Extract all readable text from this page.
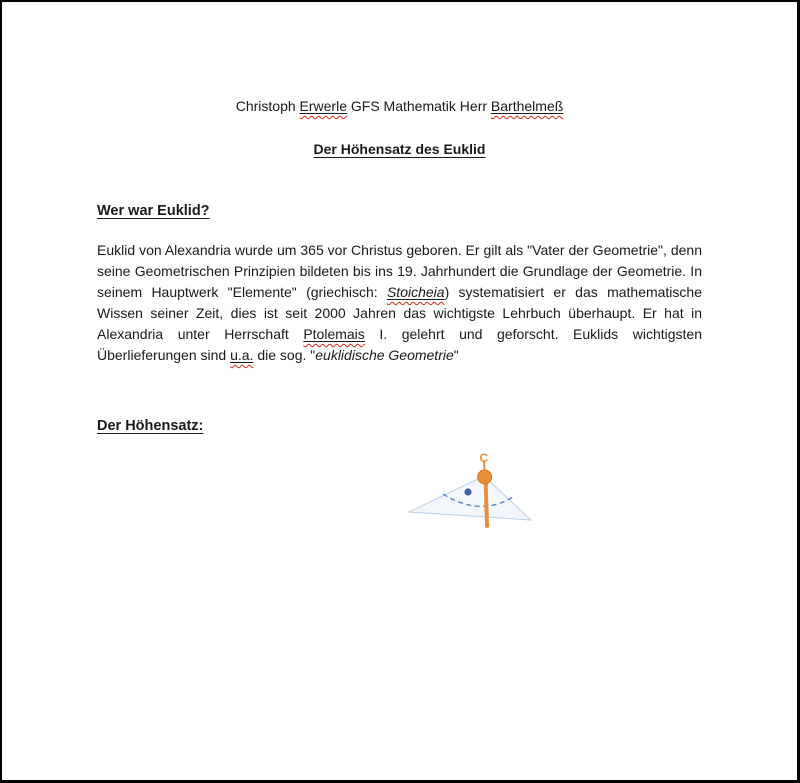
Christoph Erwerle GFS Mathematik Herr Barthelmeß

Der Höhensatz des Euklid

Wer war Euklid?

Euklid von Alexandria wurde um 365 vor Christus geboren. Er gilt als "Vater der Geometrie", denn seine Geometrischen Prinzipien bildeten bis ins 19. Jahrhundert die Grundlage der Geometrie. In seinem Hauptwerk "Elemente" (griechisch: Stoicheia) systematisiert er das mathematische Wissen seiner Zeit, dies ist seit 2000 Jahren das wichtigste Lehrbuch überhaupt. Er hat in Alexandria unter Herrschaft Ptolemais I. gelehrt und geforscht. Euklids wichtigsten Überlieferungen sind u.a. die sog. "euklidische Geometrie"

Der Höhensatz:

C
